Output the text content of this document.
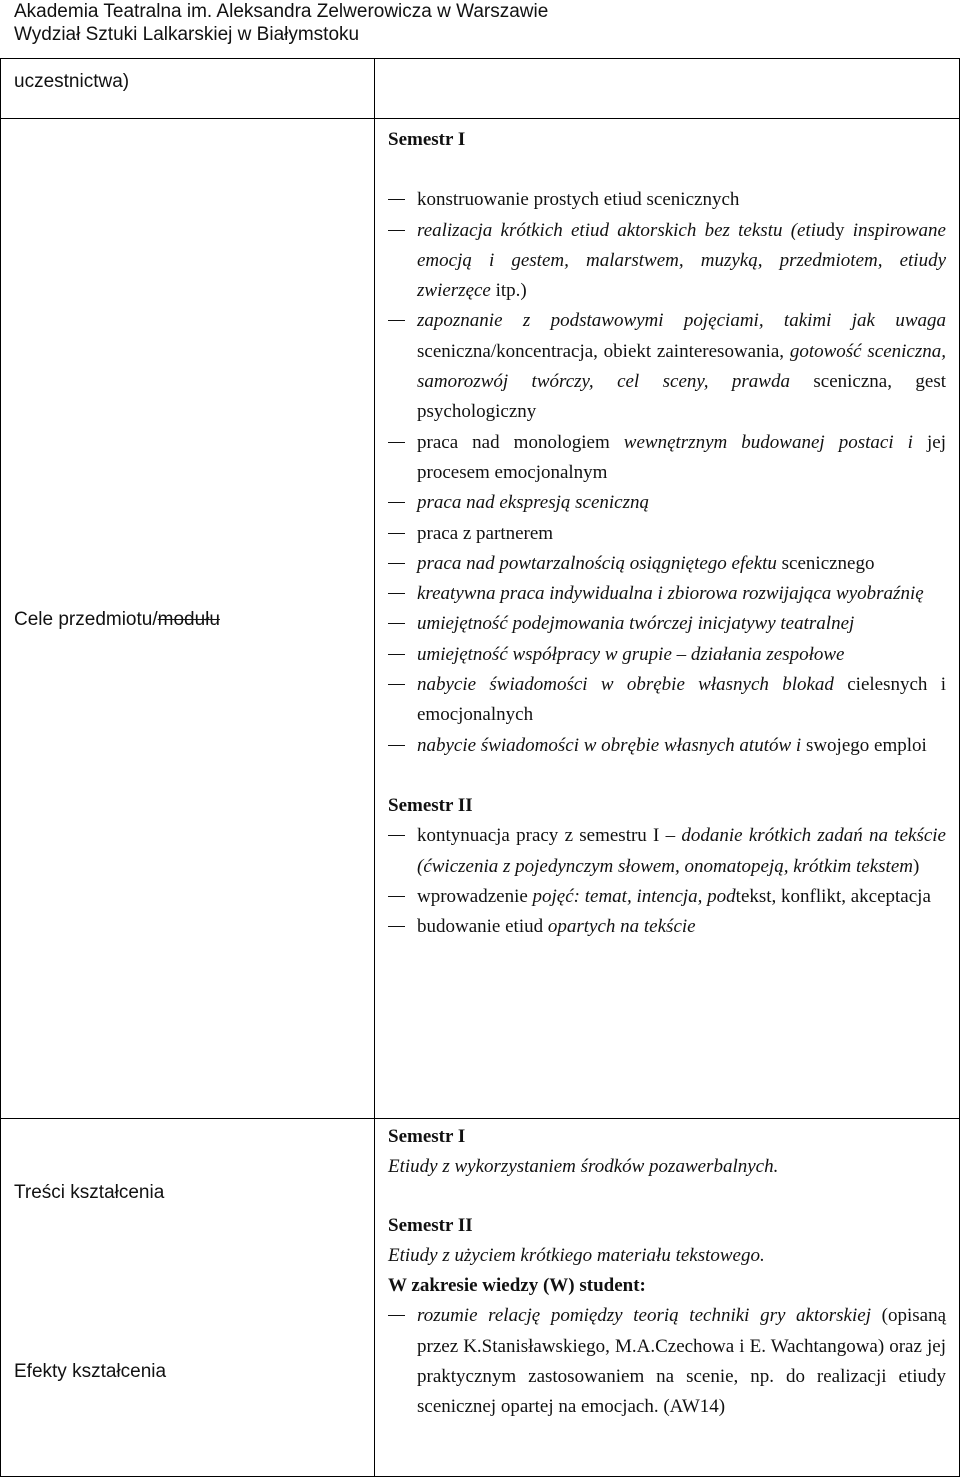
Akademia Teatralna im. Aleksandra Zelwerowicza w Warszawie
Wydział Sztuki Lalkarskiej w Białymstoku
uczestnictwa)
Cele przedmiotu/modułu
Semestr I
konstruowanie prostych etiud scenicznych
realizacja krótkich etiud aktorskich bez tekstu (etiudy inspirowane emocją i gestem, malarstwem, muzyką, przedmiotem, etiudy zwierzęce itp.)
zapoznanie z podstawowymi pojęciami, takimi jak uwaga sceniczna/koncentracja, obiekt zainteresowania, gotowość sceniczna, samorozwój twórczy, cel sceny, prawda sceniczna, gest psychologiczny
praca nad monologiem wewnętrznym budowanej postaci i jej procesem emocjonalnym
praca nad ekspresją sceniczną
praca z partnerem
praca nad powtarzalnością osiągniętego efektu scenicznego
kreatywna praca indywidualna i zbiorowa rozwijająca wyobraźnię
umiejętność podejmowania twórczej inicjatywy teatralnej
umiejętność współpracy w grupie – działania zespołowe
nabycie świadomości w obrębie własnych blokad cielesnych i emocjonalnych
nabycie świadomości w obrębie własnych atutów i swojego emploi
Semestr II
kontynuacja pracy z semestru I – dodanie krótkich zadań na tekście (ćwiczenia z pojedynczym słowem, onomatopeją, krótkim tekstem)
wprowadzenie pojęć: temat, intencja, podtekst, konflikt, akceptacja
budowanie etiud opartych na tekście
Treści kształcenia
Efekty kształcenia
Semestr I
Etiudy z wykorzystaniem środków pozawerbalnych.
Semestr II
Etiudy z użyciem krótkiego materiału tekstowego.
W zakresie wiedzy (W) student:
rozumie relację pomiędzy teorią techniki gry aktorskiej (opisaną przez K.Stanisławskiego, M.A.Czechowa i E. Wachtangowa) oraz jej praktycznym zastosowaniem na scenie, np. do realizacji etiudy scenicznej opartej na emocjach. (AW14)
